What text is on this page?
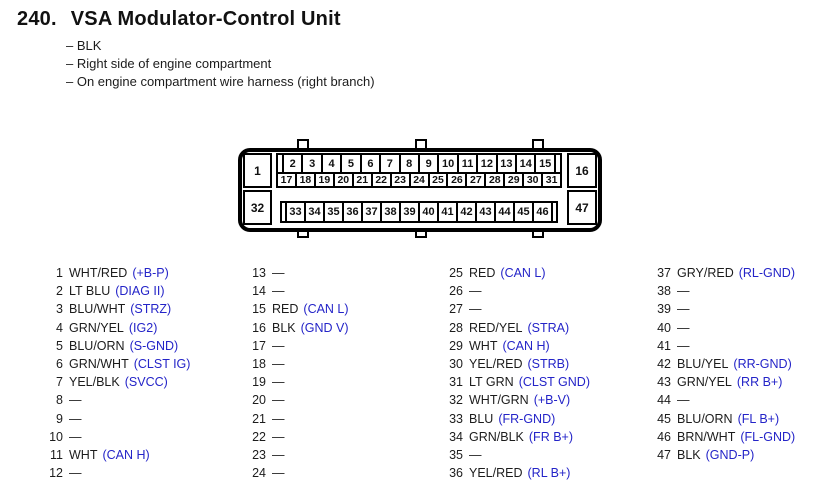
240. VSA Modulator-Control Unit
– BLK
– Right side of engine compartment
– On engine compartment wire harness (right branch)
1	16
32	47
2	3	4	5	6	7	8	9 10 11 12 13 14 15
17 18 19 20 21 22 23 24 25 26 27 28 29 30 31
33 34 35 36 37 38 39 40 41 42 43 44 45 46
1 WHT/RED (+B-P)
2 LT BLU (DIAG II)
3 BLU/WHT (STRZ)
4 GRN/YEL (IG2)
5 BLU/ORN (S-GND)
6 GRN/WHT (CLST IG)
7 YEL/BLK (SVCC)
8 —
9 —
10 —
11 WHT (CAN H)
12 —
13 —
14 —
15 RED (CAN L)
16 BLK (GND V)
17 —
18 —
19 —
20 —
21 —
22 —
23 —
24 —
25 RED (CAN L)
26 —
27 —
28 RED/YEL (STRA)
29 WHT (CAN H)
30 YEL/RED (STRB)
31 LT GRN (CLST GND)
32 WHT/GRN (+B-V)
33 BLU (FR-GND)
34 GRN/BLK (FR B+)
35 —
36 YEL/RED (RL B+)
37 GRY/RED (RL-GND)
38 —
39 —
40 —
41 —
42 BLU/YEL (RR-GND)
43 GRN/YEL (RR B+)
44 —
45 BLU/ORN (FL B+)
46 BRN/WHT (FL-GND)
47 BLK (GND-P)
